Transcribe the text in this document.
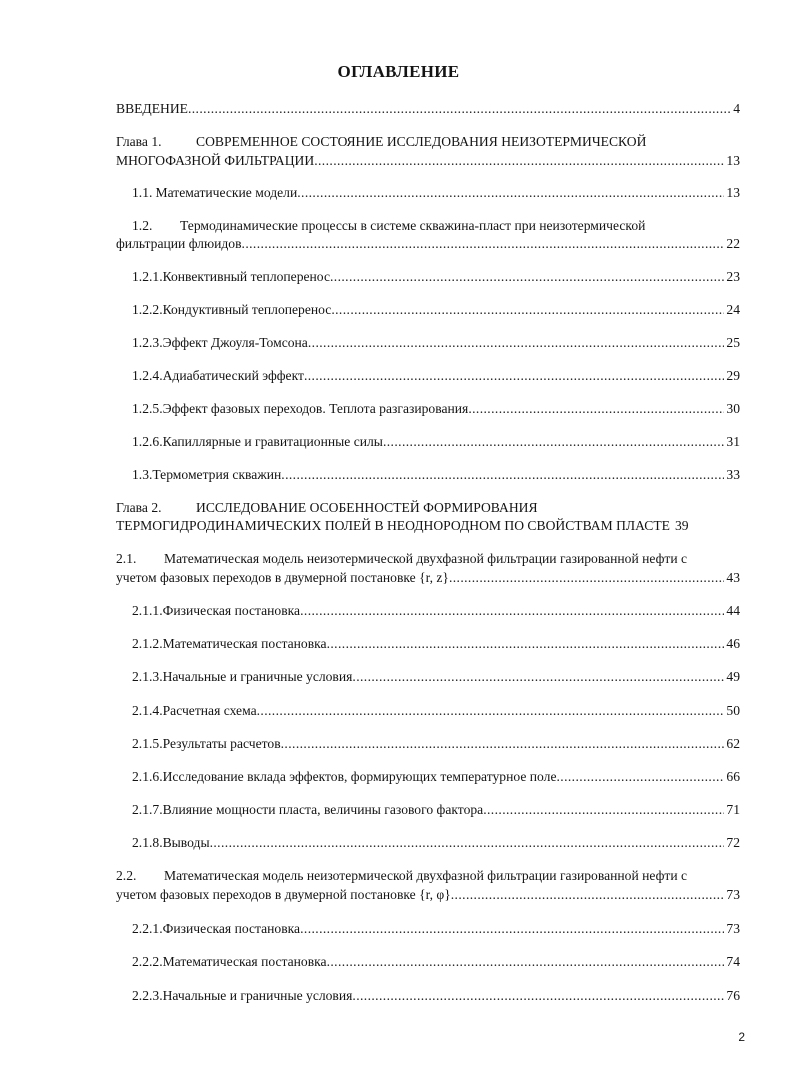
ОГЛАВЛЕНИЕ
ВВЕДЕНИЕ .....	4
Глава 1.	СОВРЕМЕННОЕ СОСТОЯНИЕ ИССЛЕДОВАНИЯ НЕИЗОТЕРМИЧЕСКОЙ
МНОГОФАЗНОЙ ФИЛЬТРАЦИИ .....	13
1.1. Математические модели .....	13
1.2. Термодинамические процессы в системе скважина-пласт при неизотермической
фильтрации флюидов .....	22
1.2.1. Конвективный теплоперенос .....	23
1.2.2. Кондуктивный теплоперенос .....	24
1.2.3. Эффект Джоуля-Томсона .....	25
1.2.4. Адиабатический эффект .....	29
1.2.5. Эффект фазовых переходов. Теплота разгазирования .....	30
1.2.6. Капиллярные и гравитационные силы .....	31
1.3. Термометрия скважин .....	33
Глава 2.	ИССЛЕДОВАНИЕ ОСОБЕННОСТЕЙ ФОРМИРОВАНИЯ
ТЕРМОГИДРОДИНАМИЧЕСКИХ ПОЛЕЙ В НЕОДНОРОДНОМ ПО СВОЙСТВАМ ПЛАСТЕ 39
2.1. Математическая модель неизотермической двухфазной фильтрации газированной нефти с
учетом фазовых переходов в двумерной постановке {r, z} .....	43
2.1.1. Физическая постановка .....	44
2.1.2. Математическая постановка .....	46
2.1.3. Начальные и граничные условия .....	49
2.1.4. Расчетная схема .....	50
2.1.5. Результаты расчетов .....	62
2.1.6. Исследование вклада эффектов, формирующих температурное поле .....	66
2.1.7. Влияние мощности пласта, величины газового фактора .....	71
2.1.8. Выводы .....	72
2.2. Математическая модель неизотермической двухфазной фильтрации газированной нефти с
учетом фазовых переходов в двумерной постановке {r, φ} .....	73
2.2.1. Физическая постановка .....	73
2.2.2. Математическая постановка .....	74
2.2.3. Начальные и граничные условия .....	76
2
